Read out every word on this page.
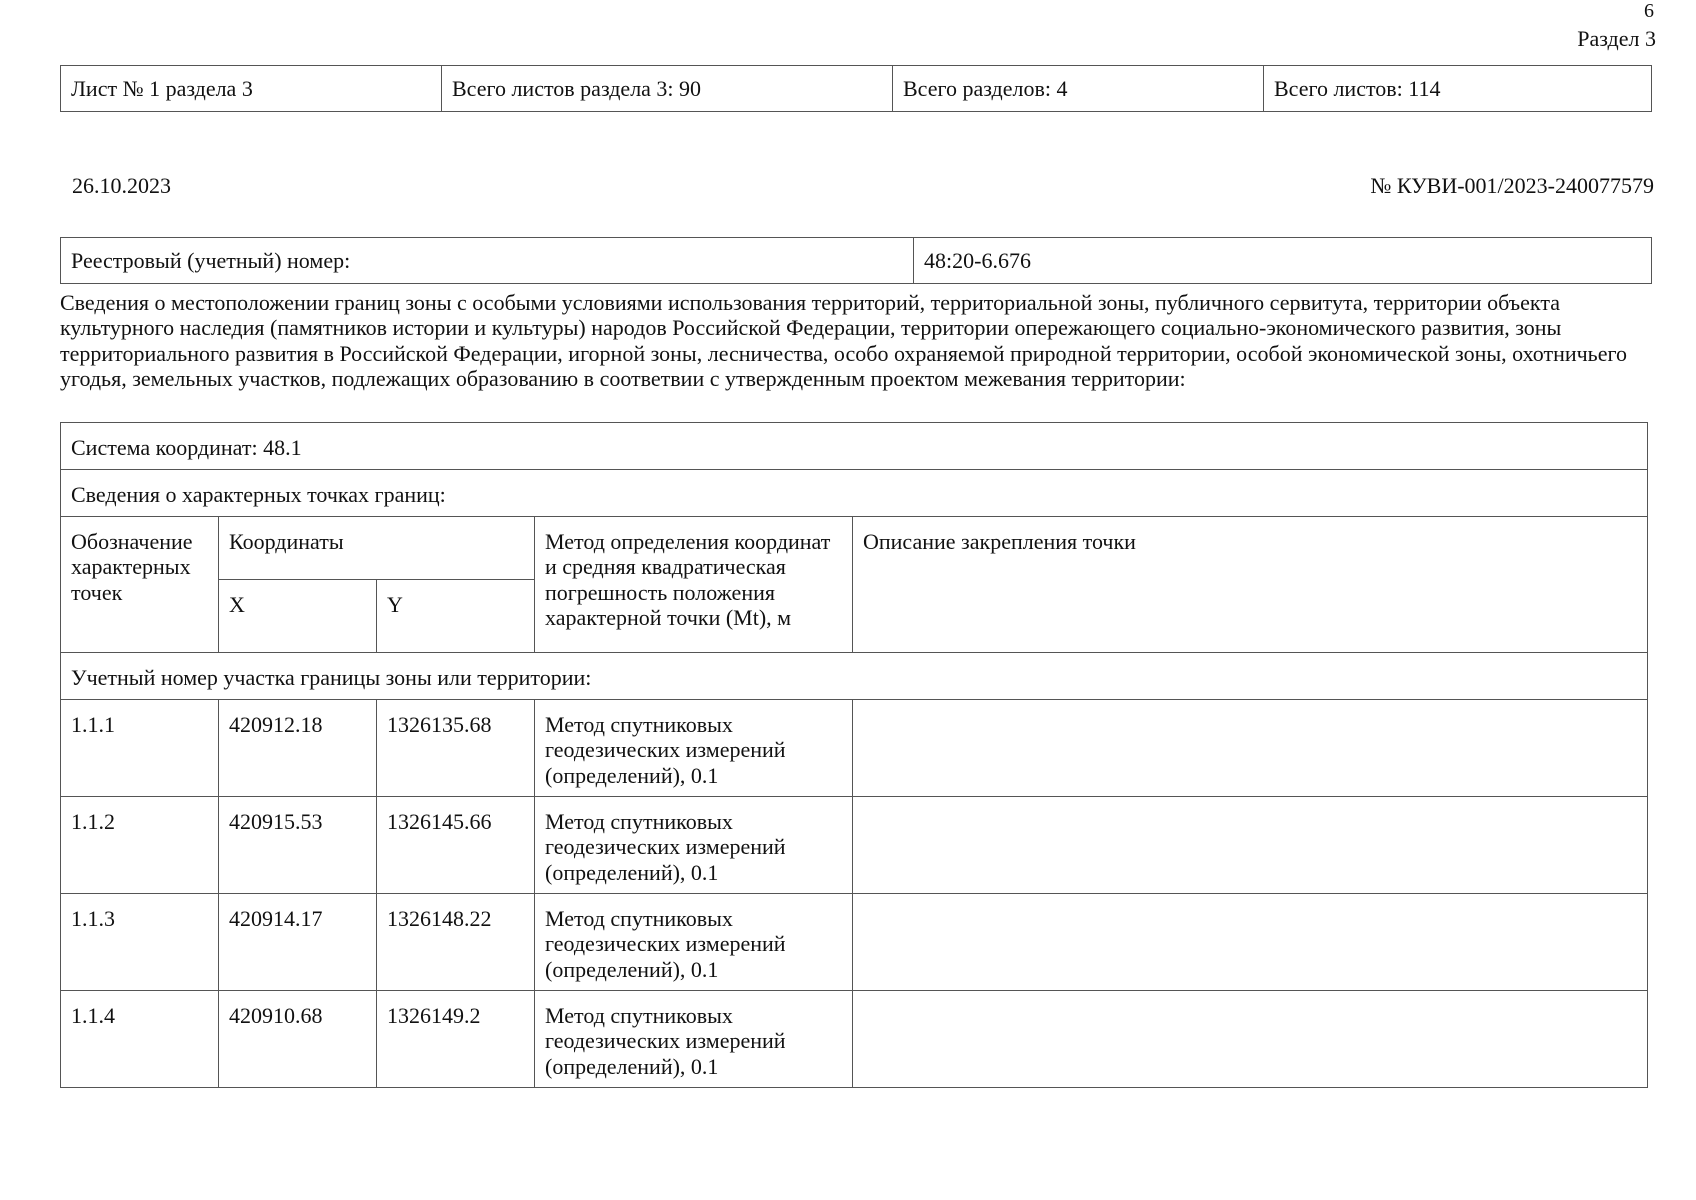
6
Раздел 3
Лист № 1 раздела 3	Всего листов раздела 3: 90	Всего разделов: 4	Всего листов: 114
26.10.2023	№ КУВИ-001/2023-240077579
Реестровый (учетный) номер:	48:20-6.676
Сведения о местоположении границ зоны с особыми условиями использования территорий, территориальной зоны, публичного сервитута, территории объекта культурного наследия (памятников истории и культуры) народов Российской Федерации, территории опережающего социально-экономического развития, зоны территориального развития в Российской Федерации, игорной зоны, лесничества, особо охраняемой природной территории, особой экономической зоны, охотничьего угодья, земельных участков, подлежащих образованию в соответвии с утвержденным проектом межевания территории:
Система координат: 48.1				
Сведения о характерных точках границ:				
Обозначение характерных точек	Координаты		Метод определения координат и средняя квадратическая погрешность положения характерной точки (Mt), м	Описание закрепления точки
	X	Y		
Учетный номер участка границы зоны или территории:				
1.1.1	420912.18	1326135.68	Метод спутниковых геодезических измерений (определений), 0.1	
1.1.2	420915.53	1326145.66	Метод спутниковых геодезических измерений (определений), 0.1	
1.1.3	420914.17	1326148.22	Метод спутниковых геодезических измерений (определений), 0.1	
1.1.4	420910.68	1326149.2	Метод спутниковых геодезических измерений (определений), 0.1	
